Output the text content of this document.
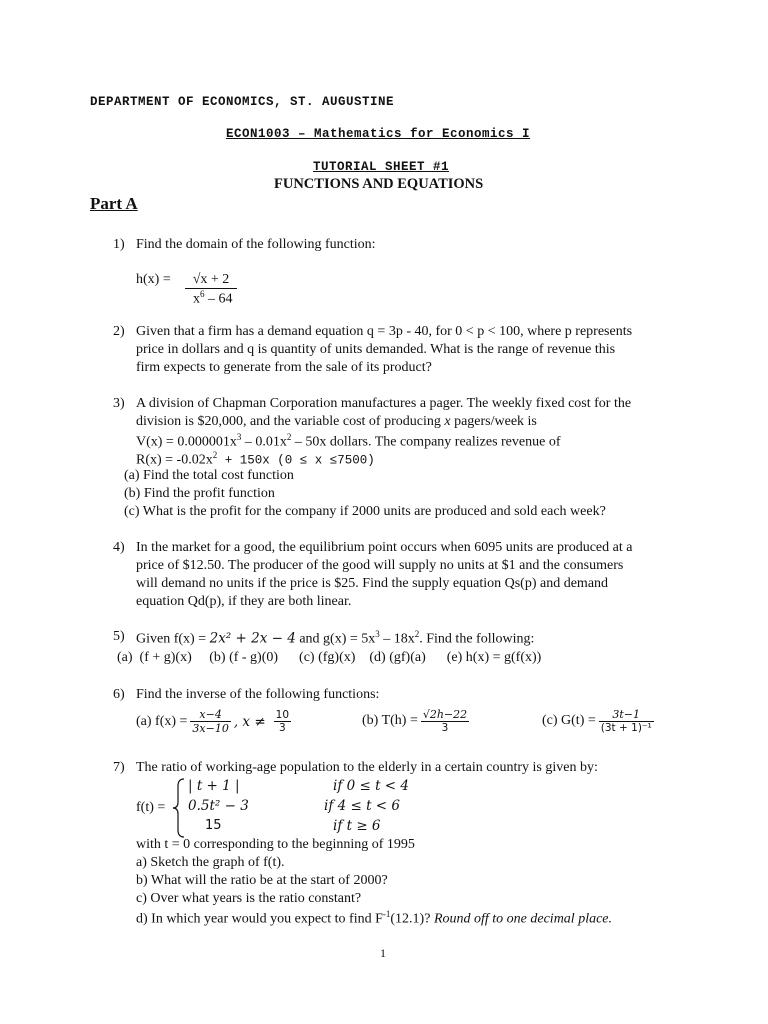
DEPARTMENT OF ECONOMICS, ST. AUGUSTINE
ECON1003 – Mathematics for Economics I
TUTORIAL SHEET #1
FUNCTIONS AND EQUATIONS
Part A
1) Find the domain of the following function:
h(x) =	√x + 2
$x^6 - 64$
2) Given that a firm has a demand equation q = 3p - 40, for 0 < p < 100, where p represents
price in dollars and q is quantity of units demanded. What is the range of revenue this
firm expects to generate from the sale of its product?
3) A division of Chapman Corporation manufactures a pager. The weekly fixed cost for the
division is $20,000, and the variable cost of producing x pagers/week is
$V(x) = 0.000001x^3 - 0.01x^2 - 50x$ dollars. The company realizes revenue of
$R(x) = -0.02x^2 + 150x$ (0 ≤ x ≤7500)
(a) Find the total cost function
(b) Find the profit function
(c) What is the profit for the company if 2000 units are produced and sold each week?
4) In the market for a good, the equilibrium point occurs when 6095 units are produced at a
price of $12.50. The producer of the good will supply no units at $1 and the consumers
will demand no units if the price is $25. Find the supply equation Qs(p) and demand
equation Qd(p), if they are both linear.
5) Given f(x) = 2x² + 2x − 4 and $g(x) = 5x^3 - 18x^2$. Find the following:
(a)  (f + g)(x)     (b) (f - g)(0)      (c) (fg)(x)    (d) (gf)(a)      (e) h(x) = g(f(x))
6) Find the inverse of the following functions:
(a) $f(x) = \frac{x-4}{3x-10}$ , $x \ne \frac{10}{3}$	(b) $T(h) = \frac{√2h-22}{3}$	(c) $G(t) = \frac{3t-1}{\text{(3t + 1)⁻¹}}$
7) The ratio of working-age population to the elderly in a certain country is given by:
f(t) =
| t + 1 |	if 0 ≤ t < 4
0.5t² − 3	if 4 ≤ t < 6
15	if t ≥ 6
with t = 0 corresponding to the beginning of 1995
a) Sketch the graph of f(t).
b) What will the ratio be at the start of 2000?
c) Over what years is the ratio constant?
d) In which year would you expect to find $F^{-1}(12.1)$? Round off to one decimal place.
1
